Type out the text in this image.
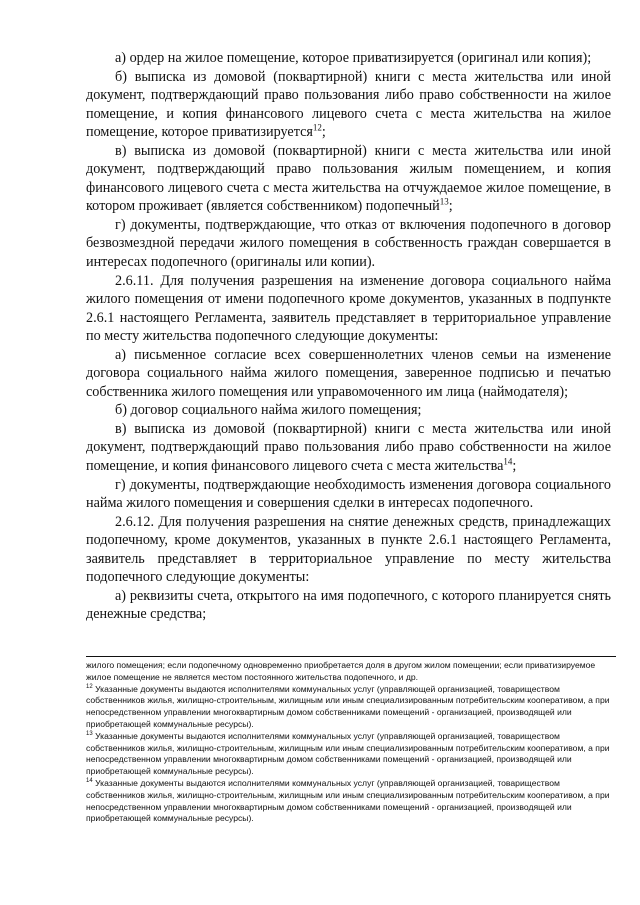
а) ордер на жилое помещение, которое приватизируется (оригинал или копия);

б) выписка из домовой (поквартирной) книги с места жительства или иной документ, подтверждающий право пользования либо право собственности на жилое помещение, и копия финансового лицевого счета с места жительства на жилое помещение, которое приватизируется$^{12}$;

в) выписка из домовой (поквартирной) книги с места жительства или иной документ, подтверждающий право пользования жилым помещением, и копия финансового лицевого счета с места жительства на отчуждаемое жилое помещение, в котором проживает (является собственником) подопечный$^{13}$;

г) документы, подтверждающие, что отказ от включения подопечного в договор безвозмездной передачи жилого помещения в собственность граждан совершается в интересах подопечного (оригиналы или копии).

2.6.11. Для получения разрешения на изменение договора социального найма жилого помещения от имени подопечного кроме документов, указанных в подпункте 2.6.1 настоящего Регламента, заявитель представляет в территориальное управление по месту жительства подопечного следующие документы:

а) письменное согласие всех совершеннолетних членов семьи на изменение договора социального найма жилого помещения, заверенное подписью и печатью собственника жилого помещения или управомоченного им лица (наймодателя);

б) договор социального найма жилого помещения;

в) выписка из домовой (поквартирной) книги с места жительства или иной документ, подтверждающий право пользования либо право собственности на жилое помещение, и копия финансового лицевого счета с места жительства$^{14}$;

г) документы, подтверждающие необходимость изменения договора социального найма жилого помещения и совершения сделки в интересах подопечного.

2.6.12. Для получения разрешения на снятие денежных средств, принадлежащих подопечному, кроме документов, указанных в пункте 2.6.1 настоящего Регламента, заявитель представляет в территориальное управление по месту жительства подопечного следующие документы:

а) реквизиты счета, открытого на имя подопечного, с которого планируется снять денежные средства;

жилого помещения; если подопечному одновременно приобретается доля в другом жилом помещении; если приватизируемое жилое помещение не является местом постоянного жительства подопечного, и др.

$^{12}$ Указанные документы выдаются исполнителями коммунальных услуг (управляющей организацией, товариществом собственников жилья, жилищно-строительным, жилищным или иным специализированным потребительским кооперативом, а при непосредственном управлении многоквартирным домом собственниками помещений - организацией, производящей или приобретающей коммунальные ресурсы).

$^{13}$ Указанные документы выдаются исполнителями коммунальных услуг (управляющей организацией, товариществом собственников жилья, жилищно-строительным, жилищным или иным специализированным потребительским кооперативом, а при непосредственном управлении многоквартирным домом собственниками помещений - организацией, производящей или приобретающей коммунальные ресурсы).

$^{14}$ Указанные документы выдаются исполнителями коммунальных услуг (управляющей организацией, товариществом собственников жилья, жилищно-строительным, жилищным или иным специализированным потребительским кооперативом, а при непосредственном управлении многоквартирным домом собственниками помещений - организацией, производящей или приобретающей коммунальные ресурсы).
